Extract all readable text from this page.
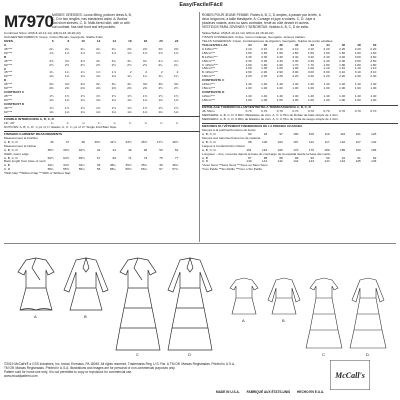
M7970
Easy/Facile/Fácil
MISSES' DRESSES: Loose-fitting, pullover dress A, B,
C, D in two lengths, has elasticized waist. A: Bodice
and short sleeves, C, D: Multi-tiered skirt, with or with
out contrast, has side front and left pockets.
ROBES POUR JEUNE FEMME: Robes A, B, C, D amples, à passer par la tête, à
deux longueurs, à taille élastiquée. A: Corsage et jupe à volants. C, D: Jupe à
plusieurs volants, avec ou sans contraste, fente au côté devant et ourlets.
VESTIDOS PARA JÓVENES Y SEÑORITAS: Vestido A, B, C, D de estilo
Combined Sizes: A5(6-8-10-12-14), E5(14-16-18-20-22)
SUGGESTED FABRICS: Crepe, Cotton Blends, Georgette, Stable Knits.
SIZES	6	8	10	12	14	16	18	20	22
A
45"***	2¼	2¼	2¼	2¼	2¼	2⅜	2⅜	2⅜	2⅜
60"***	1⅝	1⅝	1⅝	1⅝	1⅝	1⅝	1⅝	1⅝	1⅝
B
45"***	3⅝	3⅝	3⅝	3¾	3¾	3¾	3¾	3⅞	3⅞
60"***	2½	2½	2½	2½	2½	2½	2½	2¾	2¾
C
45"***	1¾	1¾	1¾	1⅞	1⅞	2	2	2	2
60"***	1⅛	1⅛	1⅛	1⅛	1⅛	1¼	1¼	1¼	1¼
D
45"***	3⅛	3⅛	3⅛	3¼	3¼	3¼	3⅜	3⅜	3⅜
60"***	2⅜	2⅜	2⅜	2⅜	2⅜	2⅜	2⅜	2½	2½
CONTRAST C
45"***	1½	1½	1½	1½	1½	1½	1½	1½	1½
60"***	1⅛	1⅛	1⅛	1⅛	1⅛	1⅛	1⅛	1⅛	1⅛
CONTRAST D
45"***	1½	1½	1½	1½	1½	1½	1½	1½	1½
60"***	1⅛	1⅛	1⅛	1⅛	1⅛	1⅛	1⅛	1⅛	1⅛
FUSIBLE INTERFACING A, B, C, D
18", 20"	¾	¾	¾	¾	¾	¾	¾	¾	¾
NOTIONS: A, B, C, D: ⅞ yd. of ¾" Elastic. A, C: ¾ yd. of ⅛" Single Fold Bias Tape.
FINISHED GARMENT MEASUREMENTS
Measurement at bustline
A, B, C, D	36	37	38	39½	41½	43½	45½	47½	49½
Measurement at hipline
A, B, C, D	38½	39½	40½	42	44	46	48	50	52
Width, lower edge
A, B, C, D	63½	64½	65½	67	69	71	73	75	77
Back length from base of neck
A, B	34¼	34½	34¾	35	35¼	35½	35¾	36	36¼
C, D	55¼	55½	55¾	56	56¼	56½	56¾	57	57¼
*With Nap **Without Nap ***With or Without Nap
Tailles/Tallas: A5(6-8-10-12-14), E5(14-16-18-20-22)
TISSUS CONSEILLÉS: Crêpe, Coton mélangé, Georgette, Jerseys stables.
TELAS SUGERIDAS: Crepé, Combinaciones de Algodón, Georgette, Tejidos de punto estables.
TAILLES/TALLAS	34	36	38	40	42	44	46	48	50
A 115cm***	2.10	2.10	2.10	2.10	2.10	2.20	2.20	2.20	2.20
150cm***	1.50	1.50	1.50	1.50	1.50	1.50	1.50	1.50	1.50
B 115cm***	3.30	3.30	3.30	3.40	3.40	3.40	3.40	3.60	3.60
150cm***	2.30	2.30	2.30	2.30	2.30	2.30	2.30	2.50	2.50
C 115cm***	1.60	1.60	1.60	1.70	1.70	1.80	1.80	1.80	1.80
150cm***	1.00	1.00	1.00	1.00	1.00	1.10	1.10	1.10	1.10
D 115cm***	2.90	2.90	2.90	3.00	3.00	3.00	3.10	3.10	3.10
150cm***	2.20	2.20	2.20	2.20	2.20	2.20	2.20	2.30	2.30
CONTRASTE C
115cm***	1.40	1.40	1.40	1.40	1.40	1.40	1.40	1.40	1.40
150cm***	1.00	1.00	1.00	1.00	1.00	1.00	1.00	1.00	1.00
CONTRASTE D
115cm***	1.40	1.40	1.40	1.40	1.40	1.40	1.40	1.40	1.40
150cm***	1.00	1.00	1.00	1.00	1.00	1.00	1.00	1.00	1.00
ENTOILAGE THERMOCOLLANT/ENTRETELA TERMOADHESIVA A, B, C, D
46, 50cm	0.70	0.70	0.70	0.70	0.70	0.70	0.70	0.70	0.70
MERCERIE: A, B, C, D: 0.80m d'Élastique de 2cm. A, C: 0.70m de Ruban de biais simple de 1.3cm.
MERCERÍA: A, B, C, D: 0.80m de Elástico de 2cm. A, C: 0.70m de Cinta de sesgo simple de 1.3cm.
MESURES DU VÊTEMENT FINI/MEDIDAS DE LA PRENDA ACABADA
Mesure à la poitrine/Contorno de busto
A, B, C, D	92	94	97	100	105	110	116	121	126
Mesure aux hanches/Contorno de caderas
A, B, C, D	98	100	103	107	112	117	122	127	132
Largeur à l'ourlet/Ancho inferior
A, B, C, D	161	164	166	170	175	180	185	190	196
Longueur – dos, mesurée depuis la base du cou/Largo de la espalda desde la base del cuello
A, B	87	88	88	89	90	90	91	91	92
C, D	140	141	142	142	143	144	144	145	146
*Avec Sens **Sans Sens ***Avec ou Sans Sens
*Con Pelillo **Sin Pelillo ***Con o Sin Pelillo
A	B
C	D
A	B
C	D
©2019 McCall's® a CSS Industries, Inc. brand, Emmaus, PA 18049. All rights reserved. Trademarks Reg. U.S. Pat. & TM Off. Marcas Registradas. Printed in U.S.A.
TM Off. Marcas Registradas. Printed in U.S.A. Illustrations and images are for personal or non-commercial purposes only.
Pattern sold for home use only; it is not permitted to copy or reproduce for commercial use.
www.mccallpattern.com	McCall's
MADE IN U.S.A. FABRIQUÉ AUX ÉTATS-UNIS HECHO EN E.U.A.
